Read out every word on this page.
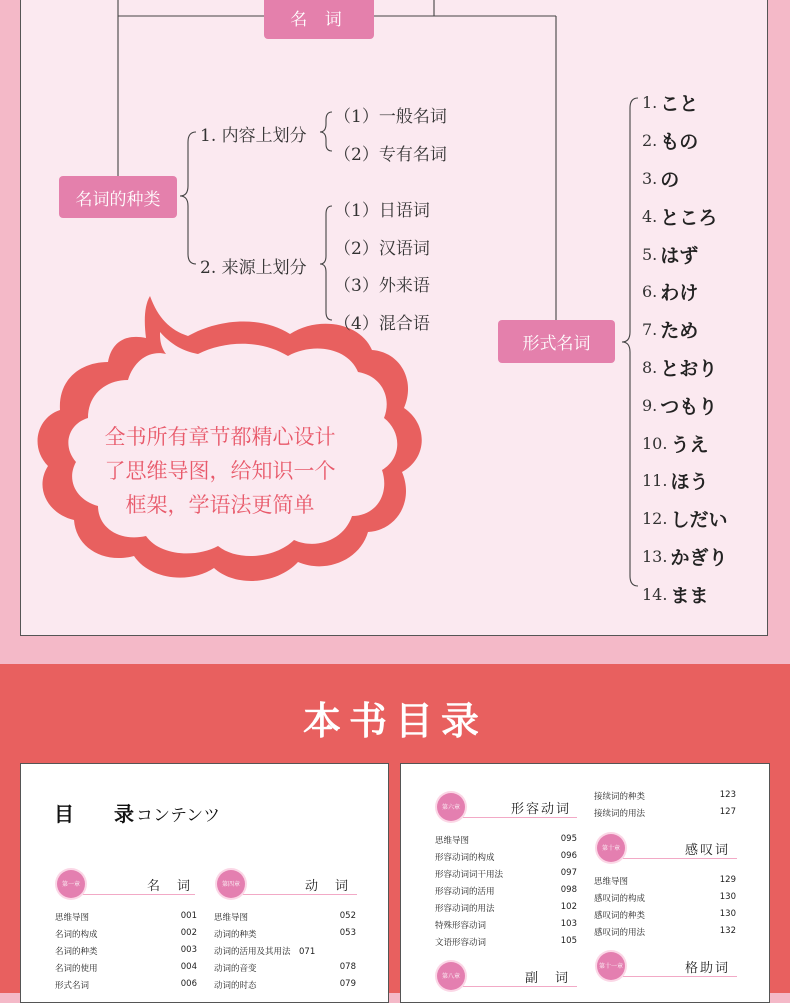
名 词
名词的种类
形式名词
1. 内容上划分
（1）一般名词
（2）专有名词
2. 来源上划分
（1）日语词
（2）汉语词
（3）外来语
（4）混合语
1. こと
2. もの
3. の
4. ところ
5. はず
6. わけ
7. ため
8. とおり
9. つもり
10. うえ
11. ほう
12. しだい
13. かぎり
14. まま
全书所有章节都精心设计
了思维导图，给知识一个
框架，学语法更简单
本书目录
目　　录 コンテンツ
第一章	名　词	第四章	动　词
思维导图	001
名词的构成	002
名词的种类	003
名词的使用	004
形式名词	006
思维导图	052
动词的种类	053
动词的活用及其用法　071
动词的音变	078
动词的时态	079
第六章	形容动词
思维导图	095
形容动词的构成	096
形容动词词干用法	097
形容动词的活用	098
形容动词的用法	102
特殊形容动词	103
文语形容动词	105
第八章	副　词
接续词的种类	123
接续词的用法	127
第十章	感叹词
思维导图	129
感叹词的构成	130
感叹词的种类	130
感叹词的用法	132
第十一章	格助词
